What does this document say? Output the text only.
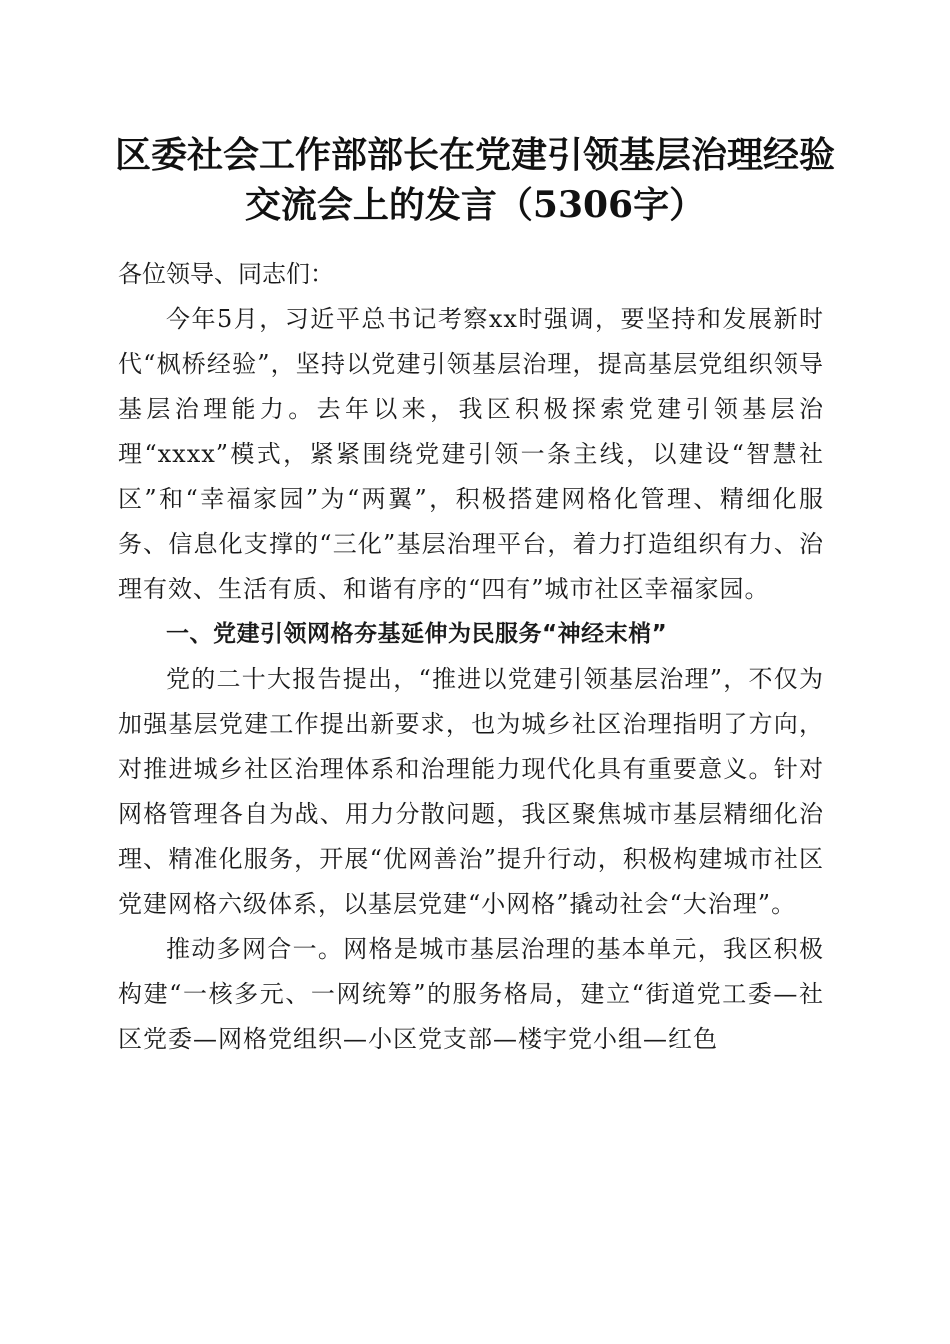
区委社会工作部部长在党建引领基层治理经验
交流会上的发言（5306字）

各位领导、同志们：

今年5月，习近平总书记考察xx时强调，要坚持和发展新时代“枫桥经验”，坚持以党建引领基层治理，提高基层党组织领导基层治理能力。去年以来，我区积极探索党建引领基层治理“xxxx”模式，紧紧围绕党建引领一条主线，以建设“智慧社区”和“幸福家园”为“两翼”，积极搭建网格化管理、精细化服务、信息化支撑的“三化”基层治理平台，着力打造组织有力、治理有效、生活有质、和谐有序的“四有”城市社区幸福家园。

一、党建引领网格夯基延伸为民服务“神经末梢”

党的二十大报告提出，“推进以党建引领基层治理”，不仅为加强基层党建工作提出新要求，也为城乡社区治理指明了方向，对推进城乡社区治理体系和治理能力现代化具有重要意义。针对网格管理各自为战、用力分散问题，我区聚焦城市基层精细化治理、精准化服务，开展“优网善治”提升行动，积极构建城市社区党建网格六级体系，以基层党建“小网格”撬动社会“大治理”。

推动多网合一。网格是城市基层治理的基本单元，我区积极构建“一核多元、一网统筹”的服务格局，建立“街道党工委—社区党委—网格党组织—小区党支部—楼宇党小组—红色
